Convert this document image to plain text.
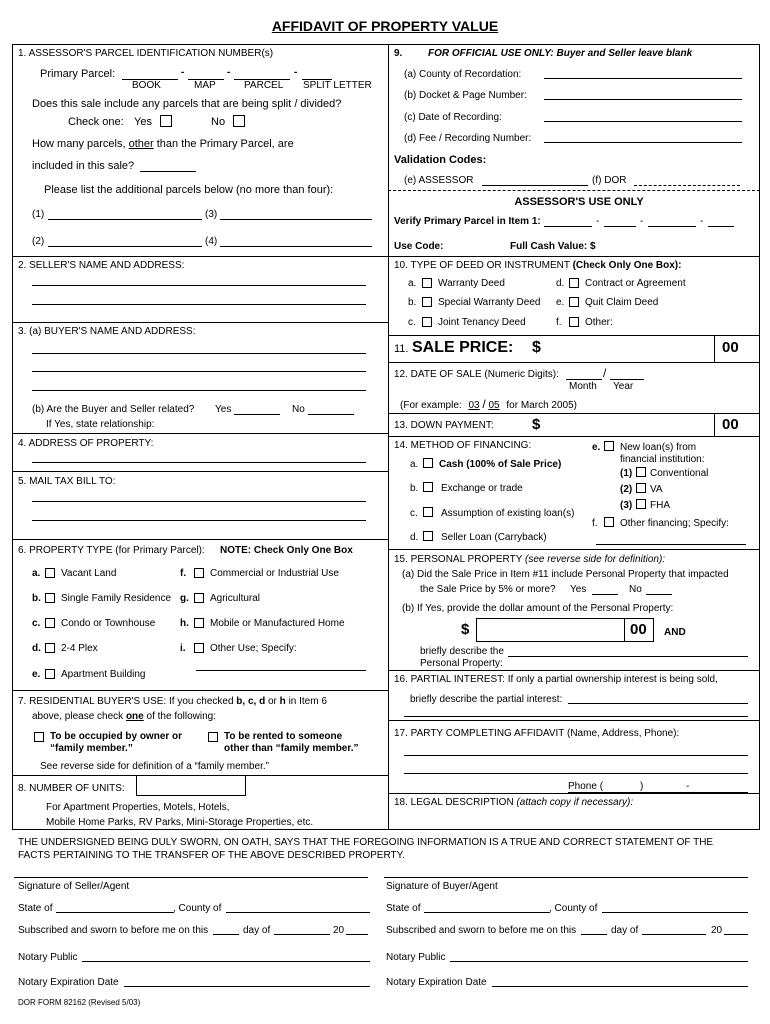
AFFIDAVIT OF PROPERTY VALUE
1. ASSESSOR'S PARCEL IDENTIFICATION NUMBER(s)
Primary Parcel:	-	-	-
BOOK	MAP	PARCEL SPLIT LETTER
Does this sale include any parcels that are being split / divided?
Check one: Yes	No
How many parcels, other than the Primary Parcel, are
included in this sale?
Please list the additional parcels below (no more than four):
(1)	(3)
(2)	(4)
2. SELLER'S NAME AND ADDRESS:
3. (a) BUYER'S NAME AND ADDRESS:
(b) Are the Buyer and Seller related? Yes	No
If Yes, state relationship:
4. ADDRESS OF PROPERTY:
5. MAIL TAX BILL TO:
6. PROPERTY TYPE (for Primary Parcel): NOTE: Check Only One Box
a. Vacant Land
b. Single Family Residence
c. Condo or Townhouse
d. 2-4 Plex
e. Apartment Building
f. Commercial or Industrial Use
g. Agricultural
h. Mobile or Manufactured Home
i. Other Use; Specify:
7. RESIDENTIAL BUYER'S USE: If you checked b, c, d or h in Item 6
above, please check one of the following:
To be occupied by owner or
“family member.”
To be rented to someone
other than “family member.”
See reverse side for definition of a “family member.”
8. NUMBER OF UNITS:
For Apartment Properties, Motels, Hotels,
Mobile Home Parks, RV Parks, Mini-Storage Properties, etc.
9.	FOR OFFICIAL USE ONLY: Buyer and Seller leave blank
(a) County of Recordation:
(b) Docket & Page Number:
(c) Date of Recording:
(d) Fee / Recording Number:
Validation Codes:
(e) ASSESSOR	(f) DOR
ASSESSOR'S USE ONLY
Verify Primary Parcel in Item 1:	-	-	-
Use Code:	Full Cash Value: $
10. TYPE OF DEED OR INSTRUMENT (Check Only One Box):
a. Warranty Deed
b. Special Warranty Deed
c. Joint Tenancy Deed
d. Contract or Agreement
e. Quit Claim Deed
f. Other:
11. SALE PRICE: $	00
12. DATE OF SALE (Numeric Digits):	/
Month Year
(For example: 03 / 05 for March 2005)
13. DOWN PAYMENT:	$	00
14. METHOD OF FINANCING:
a. Cash (100% of Sale Price)
b. Exchange or trade
c. Assumption of existing loan(s)
d. Seller Loan (Carryback)
e. New loan(s) from
financial institution:
(1) Conventional
(2) VA
(3) FHA
f. Other financing; Specify:
15. PERSONAL PROPERTY (see reverse side for definition):
(a) Did the Sale Price in Item #11 include Personal Property that impacted
the Sale Price by 5% or more? Yes	No
(b) If Yes, provide the dollar amount of the Personal Property:
$	00 AND
briefly describe the
Personal Property:
16. PARTIAL INTEREST: If only a partial ownership interest is being sold,
briefly describe the partial interest:
17. PARTY COMPLETING AFFIDAVIT (Name, Address, Phone):
Phone (	)	-
18. LEGAL DESCRIPTION (attach copy if necessary):
THE UNDERSIGNED BEING DULY SWORN, ON OATH, SAYS THAT THE FOREGOING INFORMATION IS A TRUE AND CORRECT STATEMENT OF THE
FACTS PERTAINING TO THE TRANSFER OF THE ABOVE DESCRIBED PROPERTY.
Signature of Seller/Agent
State of	, County of
Subscribed and sworn to before me on this	day of	20
Notary Public
Notary Expiration Date
Signature of Buyer/Agent
State of	, County of
Subscribed and sworn to before me on this	day of	20
Notary Public
Notary Expiration Date
DOR FORM 82162 (Revised 5/03)
